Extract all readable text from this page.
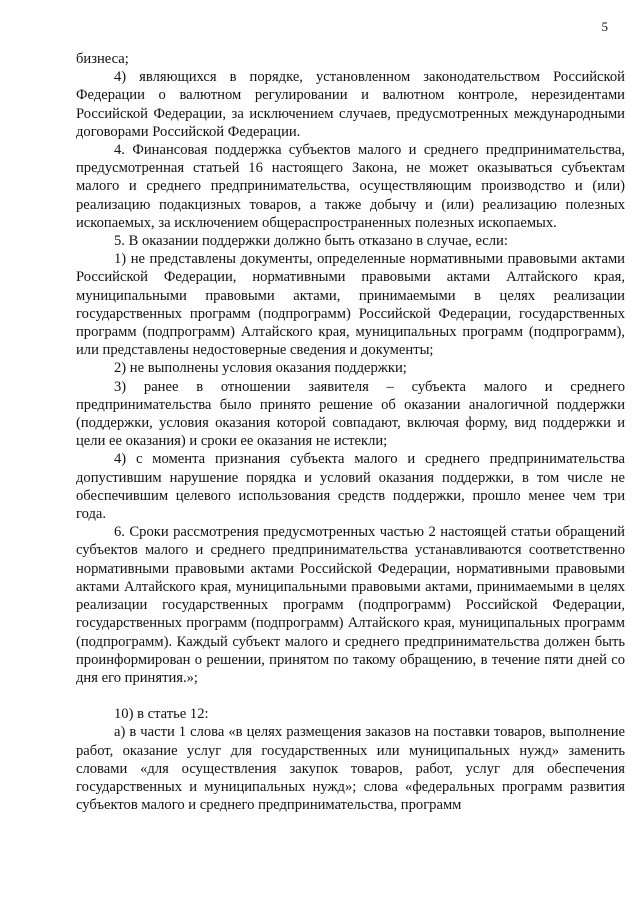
5

бизнеса;

4) являющихся в порядке, установленном законодательством Российской Федерации о валютном регулировании и валютном контроле, нерезидентами Российской Федерации, за исключением случаев, предусмотренных международными договорами Российской Федерации.

4. Финансовая поддержка субъектов малого и среднего предпринимательства, предусмотренная статьей 16 настоящего Закона, не может оказываться субъектам малого и среднего предпринимательства, осуществляющим производство и (или) реализацию подакцизных товаров, а также добычу и (или) реализацию полезных ископаемых, за исключением общераспространенных полезных ископаемых.

5. В оказании поддержки должно быть отказано в случае, если:

1) не представлены документы, определенные нормативными правовыми актами Российской Федерации, нормативными правовыми актами Алтайского края, муниципальными правовыми актами, принимаемыми в целях реализации государственных программ (подпрограмм) Российской Федерации, государственных программ (подпрограмм) Алтайского края, муниципальных программ (подпрограмм), или представлены недостоверные сведения и документы;

2) не выполнены условия оказания поддержки;

3) ранее в отношении заявителя – субъекта малого и среднего предпринимательства было принято решение об оказании аналогичной поддержки (поддержки, условия оказания которой совпадают, включая форму, вид поддержки и цели ее оказания) и сроки ее оказания не истекли;

4) с момента признания субъекта малого и среднего предпринимательства допустившим нарушение порядка и условий оказания поддержки, в том числе не обеспечившим целевого использования средств поддержки, прошло менее чем три года.

6. Сроки рассмотрения предусмотренных частью 2 настоящей статьи обращений субъектов малого и среднего предпринимательства устанавливаются соответственно нормативными правовыми актами Российской Федерации, нормативными правовыми актами Алтайского края, муниципальными правовыми актами, принимаемыми в целях реализации государственных программ (подпрограмм) Российской Федерации, государственных программ (подпрограмм) Алтайского края, муниципальных программ (подпрограмм). Каждый субъект малого и среднего предпринимательства должен быть проинформирован о решении, принятом по такому обращению, в течение пяти дней со дня его принятия.»;

10) в статье 12:

а) в части 1 слова «в целях размещения заказов на поставки товаров, выполнение работ, оказание услуг для государственных или муниципальных нужд» заменить словами «для осуществления закупок товаров, работ, услуг для обеспечения государственных и муниципальных нужд»; слова «федеральных программ развития субъектов малого и среднего предпринимательства, программ
